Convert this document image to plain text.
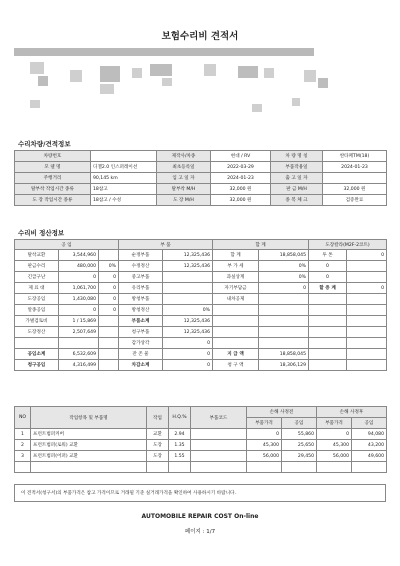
보험수리비 견적서
수리차량/견적정보
차량번호		제작사/차종	현대 / RV	차 량 명 칭	싼타페TM(18)
모 델 명	디젤2.0 인스퍼레이션	최초등록일	2022-03-29	부품작용일	2024-01-23
주행거리	90,145 km	입 고 일 자	2024-01-23	출 고 일 자	
탈부착 작업시간 종류	18참고	탈부착 M/H	32,000 원	판 금 M/H	32,000 원
도 장 작업시간 종류	18참고 / 수성	도 장 M/H	32,000 원	종 복 체 크	검증완료
수리비 정산정보
공 임			부 품		합 계		도장칼라(M2F-2코트)	
탈착교환	3,544,960		순정부품	12,325,436	합 계	18,858,045	투 톤	0
판금수리	480,000	0%	수정정산	12,325,436	부 가 세	0%	0	
긴급구난	0	0	중고부품		과실상계	0%	0	
제 료 대	1,061,700	0	유리부품		자기부담금	0	할 증 계	0
도장공임	1,430,080	0	방청부품		내차공제			
알종공임	0	0	방청정산	0%				
가벌검토비	1 / 15,869		부품소계	12,325,436				
도장정산	2,507,649		청구부품	12,325,436				
			감가상각	0				
공임소계	6,532,609		잔 존 물	0	지 급 액	18,858,045		
청구공임	4,316,499		차감소계	0	청 구 액	18,306,129		
NO	작업항목 및 부품명	작업	H.Q.%	부품코드	손해 사정전		손해 사정후	
					부품가격	공임	부품가격	공임
1	프런트범퍼커버	교환	2.94		0	55,860	0	94,080
2	프런트범퍼(로워) 교환	도장	1.35		45,300	25,650	45,300	43,200
3	프런트범퍼(어퍼) 교환	도장	1.55		56,000	29,450	56,000	49,600

이 견적서(청구서)의 부품가격은 참고 가격이므로 거래될 기준 실거래가격을 확인하여 사용하시기 바랍니다.
AUTOMOBILE REPAIR COST On-line
페이지 : 1/7
